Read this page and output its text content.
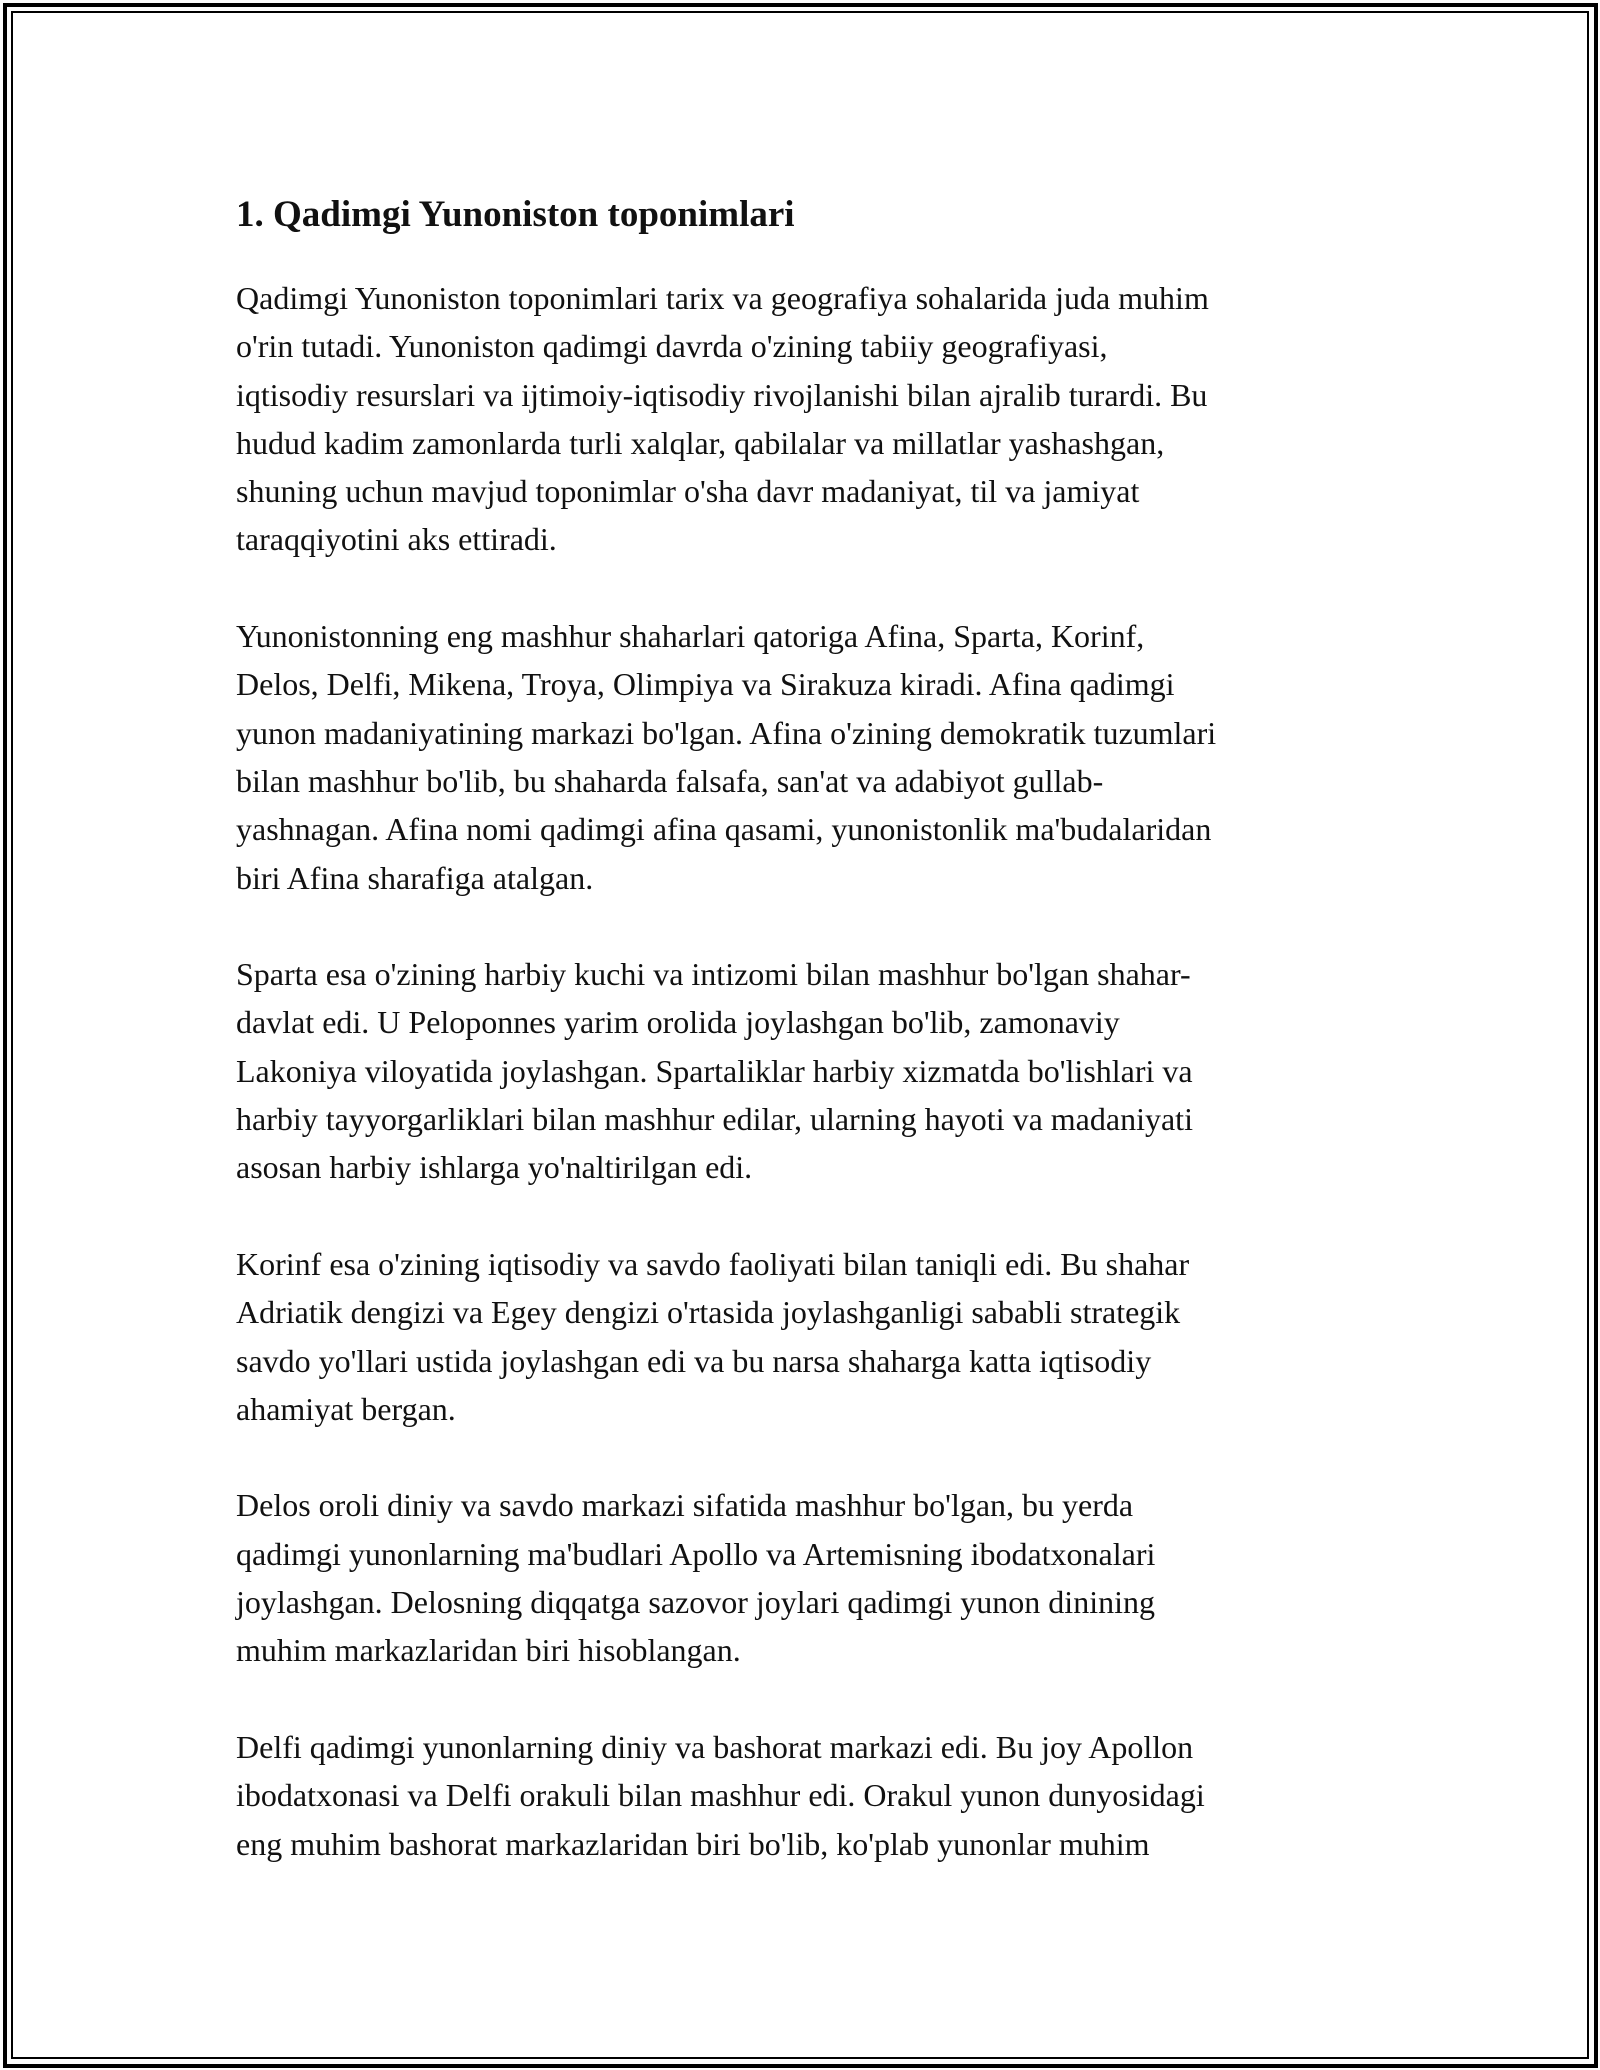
1. Qadimgi Yunoniston toponimlari

Qadimgi Yunoniston toponimlari tarix va geografiya sohalarida juda muhim
o'rin tutadi. Yunoniston qadimgi davrda o'zining tabiiy geografiyasi,
iqtisodiy resurslari va ijtimoiy-iqtisodiy rivojlanishi bilan ajralib turardi. Bu
hudud kadim zamonlarda turli xalqlar, qabilalar va millatlar yashashgan,
shuning uchun mavjud toponimlar o'sha davr madaniyat, til va jamiyat
taraqqiyotini aks ettiradi.

Yunonistonning eng mashhur shaharlari qatoriga Afina, Sparta, Korinf,
Delos, Delfi, Mikena, Troya, Olimpiya va Sirakuza kiradi. Afina qadimgi
yunon madaniyatining markazi bo'lgan. Afina o'zining demokratik tuzumlari
bilan mashhur bo'lib, bu shaharda falsafa, san'at va adabiyot gullab-
yashnagan. Afina nomi qadimgi afina qasami, yunonistonlik ma'budalaridan
biri Afina sharafiga atalgan.

Sparta esa o'zining harbiy kuchi va intizomi bilan mashhur bo'lgan shahar-
davlat edi. U Peloponnes yarim orolida joylashgan bo'lib, zamonaviy
Lakoniya viloyatida joylashgan. Spartaliklar harbiy xizmatda bo'lishlari va
harbiy tayyorgarliklari bilan mashhur edilar, ularning hayoti va madaniyati
asosan harbiy ishlarga yo'naltirilgan edi.

Korinf esa o'zining iqtisodiy va savdo faoliyati bilan taniqli edi. Bu shahar
Adriatik dengizi va Egey dengizi o'rtasida joylashganligi sababli strategik
savdo yo'llari ustida joylashgan edi va bu narsa shaharga katta iqtisodiy
ahamiyat bergan.

Delos oroli diniy va savdo markazi sifatida mashhur bo'lgan, bu yerda
qadimgi yunonlarning ma'budlari Apollo va Artemisning ibodatxonalari
joylashgan. Delosning diqqatga sazovor joylari qadimgi yunon dinining
muhim markazlaridan biri hisoblangan.

Delfi qadimgi yunonlarning diniy va bashorat markazi edi. Bu joy Apollon
ibodatxonasi va Delfi orakuli bilan mashhur edi. Orakul yunon dunyosidagi
eng muhim bashorat markazlaridan biri bo'lib, ko'plab yunonlar muhim
